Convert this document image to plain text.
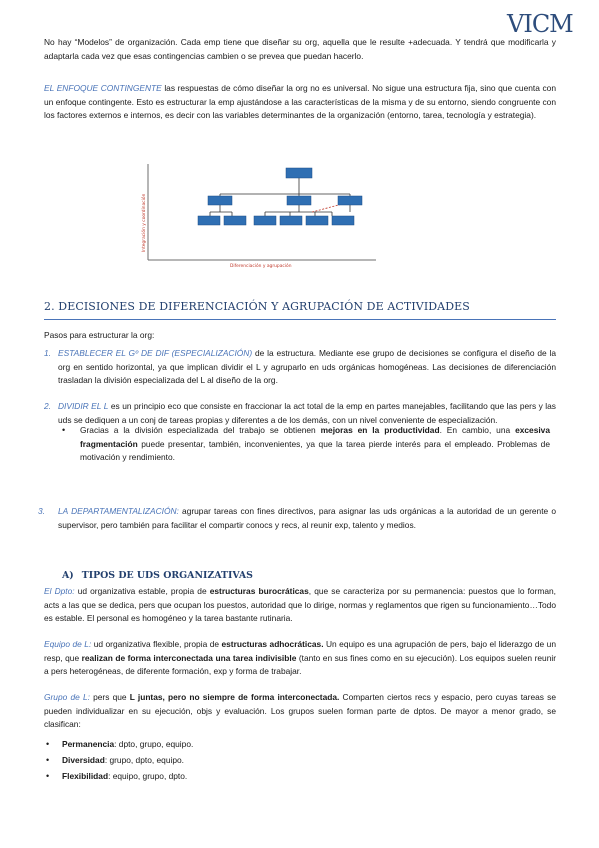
VICM

No hay “Modelos” de organización. Cada emp tiene que diseñar su org, aquella que le resulte +adecuada. Y tendrá que modificarla y adaptarla cada vez que esas contingencias cambien o se prevea que puedan hacerlo.

EL ENFOQUE CONTINGENTE las respuestas de cómo diseñar la org no es universal. No sigue una estructura fija, sino que cuenta con un enfoque contingente. Esto es estructurar la emp ajustándose a las características de la misma y de su entorno, siendo congruente con los factores externos e internos, es decir con las variables determinantes de la organización (entorno, tarea, tecnología y estrategia).

Integración y coordinación
Diferenciación y agrupación
2. DECISIONES DE DIFERENCIACIÓN Y AGRUPACIÓN DE ACTIVIDADES

Pasos para estructurar la org:

1. ESTABLECER EL Gº DE DIF (ESPECIALIZACIÓN) de la estructura. Mediante ese grupo de decisiones se configura el diseño de la org en sentido horizontal, ya que implican dividir el L y agruparlo en uds orgánicas homogéneas. Las decisiones de diferenciación trasladan la división especializada del L al diseño de la org.

2. DIVIDIR EL L es un principio eco que consiste en fraccionar la act total de la emp en partes manejables, facilitando que las pers y las uds se dediquen a un conj de tareas propias y diferentes a de los demás, con un nivel conveniente de especialización.

• Gracias a la división especializada del trabajo se obtienen mejoras en la productividad. En cambio, una excesiva fragmentación puede presentar, también, inconvenientes, ya que la tarea pierde interés para el empleado. Problemas de motivación y rendimiento.

3. LA DEPARTAMENTALIZACIÓN: agrupar tareas con fines directivos, para asignar las uds orgánicas a la autoridad de un gerente o supervisor, pero también para facilitar el compartir conocs y recs, al reunir exp, talento y medios.

A) TIPOS DE UDS ORGANIZATIVAS

El Dpto: ud organizativa estable, propia de estructuras burocráticas, que se caracteriza por su permanencia: puestos que lo forman, acts a las que se dedica, pers que ocupan los puestos, autoridad que lo dirige, normas y reglamentos que rigen su funcionamiento…Todo es estable. El personal es homogéneo y la tarea bastante rutinaria.

Equipo de L: ud organizativa flexible, propia de estructuras adhocráticas. Un equipo es una agrupación de pers, bajo el liderazgo de un resp, que realizan de forma interconectada una tarea indivisible (tanto en sus fines como en su ejecución). Los equipos suelen reunir a pers heterogéneas, de diferente formación, exp y forma de trabajar.

Grupo de L: pers que L juntas, pero no siempre de forma interconectada. Comparten ciertos recs y espacio, pero cuyas tareas se pueden individualizar en su ejecución, objs y evaluación. Los grupos suelen forman parte de dptos. De mayor a menor grado, se clasifican:

• Permanencia: dpto, grupo, equipo.

• Diversidad: grupo, dpto, equipo.

• Flexibilidad: equipo, grupo, dpto.
